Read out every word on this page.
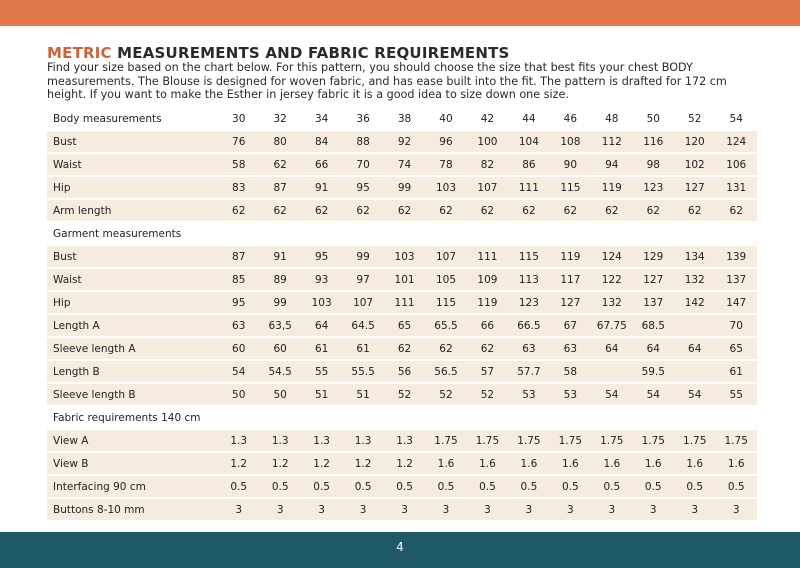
METRIC MEASUREMENTS AND FABRIC REQUIREMENTS
Find your size based on the chart below. For this pattern, you should choose the size that best fits your chest BODY measurements. The Blouse is designed for woven fabric, and has ease built into the fit. The pattern is drafted for 172 cm height. If you want to make the Esther in jersey fabric it is a good idea to size down one size.
Body measurements	30	32	34	36	38	40	42	44	46	48	50	52	54
Bust	76	80	84	88	92	96	100	104	108	112	116	120	124
Waist	58	62	66	70	74	78	82	86	90	94	98	102	106
Hip	83	87	91	95	99	103	107	111	115	119	123	127	131
Arm length	62	62	62	62	62	62	62	62	62	62	62	62	62
Garment measurements													
Bust	87	91	95	99	103	107	111	115	119	124	129	134	139
Waist	85	89	93	97	101	105	109	113	117	122	127	132	137
Hip	95	99	103	107	111	115	119	123	127	132	137	142	147
Length A	63	63,5	64	64.5	65	65.5	66	66.5	67	67.75	68.5		70
Sleeve length A	60	60	61	61	62	62	62	63	63	64	64	64	65
Length B	54	54.5	55	55.5	56	56.5	57	57.7	58		59.5		61
Sleeve length B	50	50	51	51	52	52	52	53	53	54	54	54	55
Fabric requirements 140 cm													
View A	1.3	1.3	1.3	1.3	1.3	1.75	1.75	1.75	1.75	1.75	1.75	1.75	1.75
View B	1.2	1.2	1.2	1.2	1.2	1.6	1.6	1.6	1.6	1.6	1.6	1.6	1.6
Interfacing 90 cm	0.5	0.5	0.5	0.5	0.5	0.5	0.5	0.5	0.5	0.5	0.5	0.5	0.5
Buttons 8-10 mm	3	3	3	3	3	3	3	3	3	3	3	3	3
4
